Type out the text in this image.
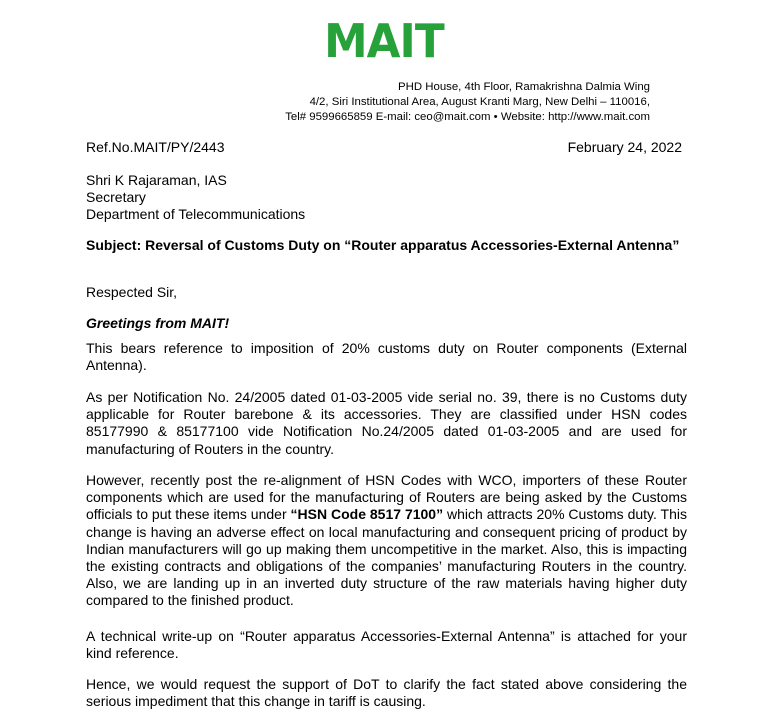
MAIT
PHD House, 4th Floor, Ramakrishna Dalmia Wing
4/2, Siri Institutional Area, August Kranti Marg, New Delhi – 110016,
Tel# 9599665859 E-mail: ceo@mait.com • Website: http://www.mait.com
Ref.No.MAIT/PY/2443	February 24, 2022
Shri K Rajaraman, IAS
Secretary
Department of Telecommunications
Subject: Reversal of Customs Duty on “Router apparatus Accessories-External Antenna”
Respected Sir,
Greetings from MAIT!

This bears reference to imposition of 20% customs duty on Router components (External Antenna).

As per Notification No. 24/2005 dated 01-03-2005 vide serial no. 39, there is no Customs duty applicable for Router barebone & its accessories. They are classified under HSN codes 85177990 & 85177100 vide Notification No.24/2005 dated 01-03-2005 and are used for manufacturing of Routers in the country.

However, recently post the re-alignment of HSN Codes with WCO, importers of these Router components which are used for the manufacturing of Routers are being asked by the Customs officials to put these items under “HSN Code 8517 7100” which attracts 20% Customs duty. This change is having an adverse effect on local manufacturing and consequent pricing of product by Indian manufacturers will go up making them uncompetitive in the market. Also, this is impacting the existing contracts and obligations of the companies’ manufacturing Routers in the country. Also, we are landing up in an inverted duty structure of the raw materials having higher duty compared to the finished product.

A technical write-up on “Router apparatus Accessories-External Antenna” is attached for your kind reference.

Hence, we would request the support of DoT to clarify the fact stated above considering the serious impediment that this change in tariff is causing.
